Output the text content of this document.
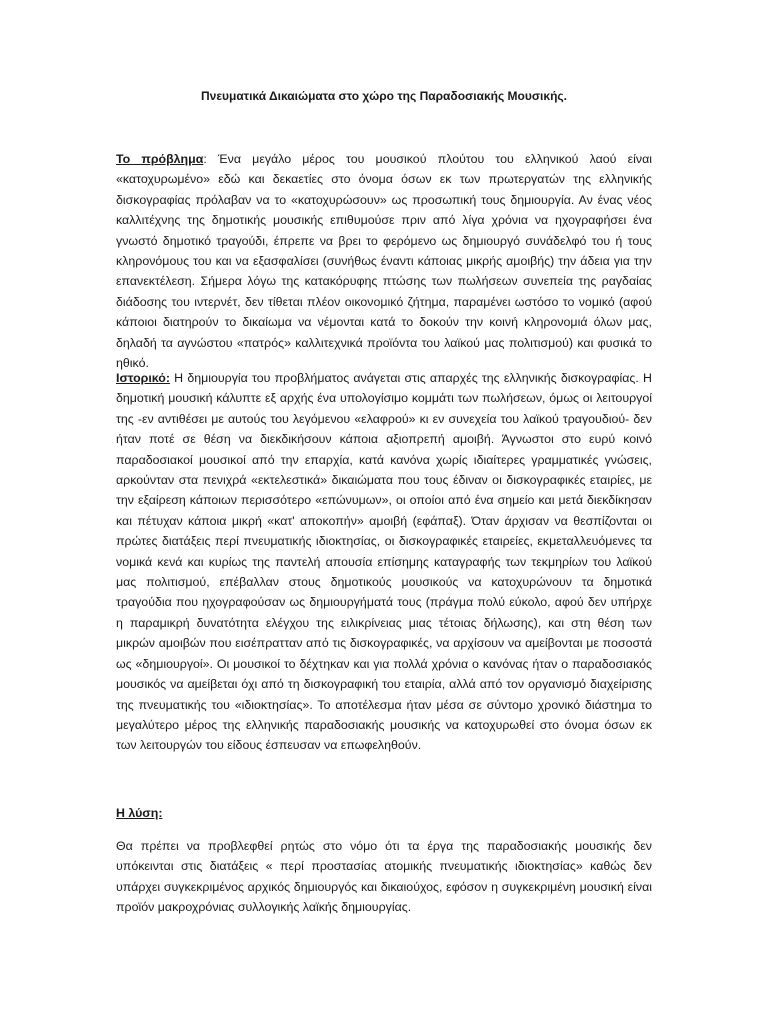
Πνευματικά Δικαιώματα στο χώρο της Παραδοσιακής Μουσικής.

Το πρόβλημα: Ένα μεγάλο μέρος του μουσικού πλούτου του ελληνικού λαού είναι «κατοχυρωμένο» εδώ και δεκαετίες στο όνομα όσων εκ των πρωτεργατών της ελληνικής δισκογραφίας πρόλαβαν να το «κατοχυρώσουν» ως προσωπική τους δημιουργία. Αν ένας νέος καλλιτέχνης της δημοτικής μουσικής επιθυμούσε πριν από λίγα χρόνια να ηχογραφήσει ένα γνωστό δημοτικό τραγούδι, έπρεπε να βρει το φερόμενο ως δημιουργό συνάδελφό του ή τους κληρονόμους του και να εξασφαλίσει (συνήθως έναντι κάποιας μικρής αμοιβής) την άδεια για την επανεκτέλεση. Σήμερα λόγω της κατακόρυφης πτώσης των πωλήσεων συνεπεία της ραγδαίας διάδοσης του ιντερνέτ, δεν τίθεται πλέον οικονομικό ζήτημα, παραμένει ωστόσο το νομικό (αφού κάποιοι διατηρούν το δικαίωμα να νέμονται κατά το δοκούν την κοινή κληρονομιά όλων μας, δηλαδή τα αγνώστου «πατρός» καλλιτεχνικά προϊόντα του λαϊκού μας πολιτισμού) και φυσικά το ηθικό.

Ιστορικό: Η δημιουργία του προβλήματος ανάγεται στις απαρχές της ελληνικής δισκογραφίας. Η δημοτική μουσική κάλυπτε εξ αρχής ένα υπολογίσιμο κομμάτι των πωλήσεων, όμως οι λειτουργοί της -εν αντιθέσει με αυτούς του λεγόμενου «ελαφρού» κι εν συνεχεία του λαϊκού τραγουδιού- δεν ήταν ποτέ σε θέση να διεκδικήσουν κάποια αξιοπρεπή αμοιβή. Άγνωστοι στο ευρύ κοινό παραδοσιακοί μουσικοί από την επαρχία, κατά κανόνα χωρίς ιδιαίτερες γραμματικές γνώσεις, αρκούνταν στα πενιχρά «εκτελεστικά» δικαιώματα που τους έδιναν οι δισκογραφικές εταιρίες, με την εξαίρεση κάποιων περισσότερο «επώνυμων», οι οποίοι από ένα σημείο και μετά διεκδίκησαν και πέτυχαν κάποια μικρή «κατ' αποκοπήν» αμοιβή (εφάπαξ). Όταν άρχισαν να θεσπίζονται οι πρώτες διατάξεις περί πνευματικής ιδιοκτησίας, οι δισκογραφικές εταιρείες, εκμεταλλευόμενες τα νομικά κενά και κυρίως της παντελή απουσία επίσημης καταγραφής των τεκμηρίων του λαϊκού μας πολιτισμού, επέβαλλαν στους δημοτικούς μουσικούς να κατοχυρώνουν τα δημοτικά τραγούδια που ηχογραφούσαν ως δημιουργήματά τους (πράγμα πολύ εύκολο, αφού δεν υπήρχε η παραμικρή δυνατότητα ελέγχου της ειλικρίνειας μιας τέτοιας δήλωσης), και στη θέση των μικρών αμοιβών που εισέπρατταν από τις δισκογραφικές, να αρχίσουν να αμείβονται με ποσοστά ως «δημιουργοί». Οι μουσικοί το δέχτηκαν και για πολλά χρόνια ο κανόνας ήταν ο παραδοσιακός μουσικός να αμείβεται όχι από τη δισκογραφική του εταιρία, αλλά από τον οργανισμό διαχείρισης της πνευματικής του «ιδιοκτησίας». Το αποτέλεσμα ήταν μέσα σε σύντομο χρονικό διάστημα το μεγαλύτερο μέρος της ελληνικής παραδοσιακής μουσικής να κατοχυρωθεί στο όνομα όσων εκ των λειτουργών του είδους έσπευσαν να επωφεληθούν.

Η λύση:

Θα πρέπει να προβλεφθεί ρητώς στο νόμο ότι τα έργα της παραδοσιακής μουσικής δεν υπόκεινται στις διατάξεις « περί προστασίας ατομικής πνευματικής ιδιοκτησίας» καθώς δεν υπάρχει συγκεκριμένος αρχικός δημιουργός και δικαιούχος, εφόσον η συγκεκριμένη μουσική είναι προϊόν μακροχρόνιας συλλογικής λαϊκής δημιουργίας.
